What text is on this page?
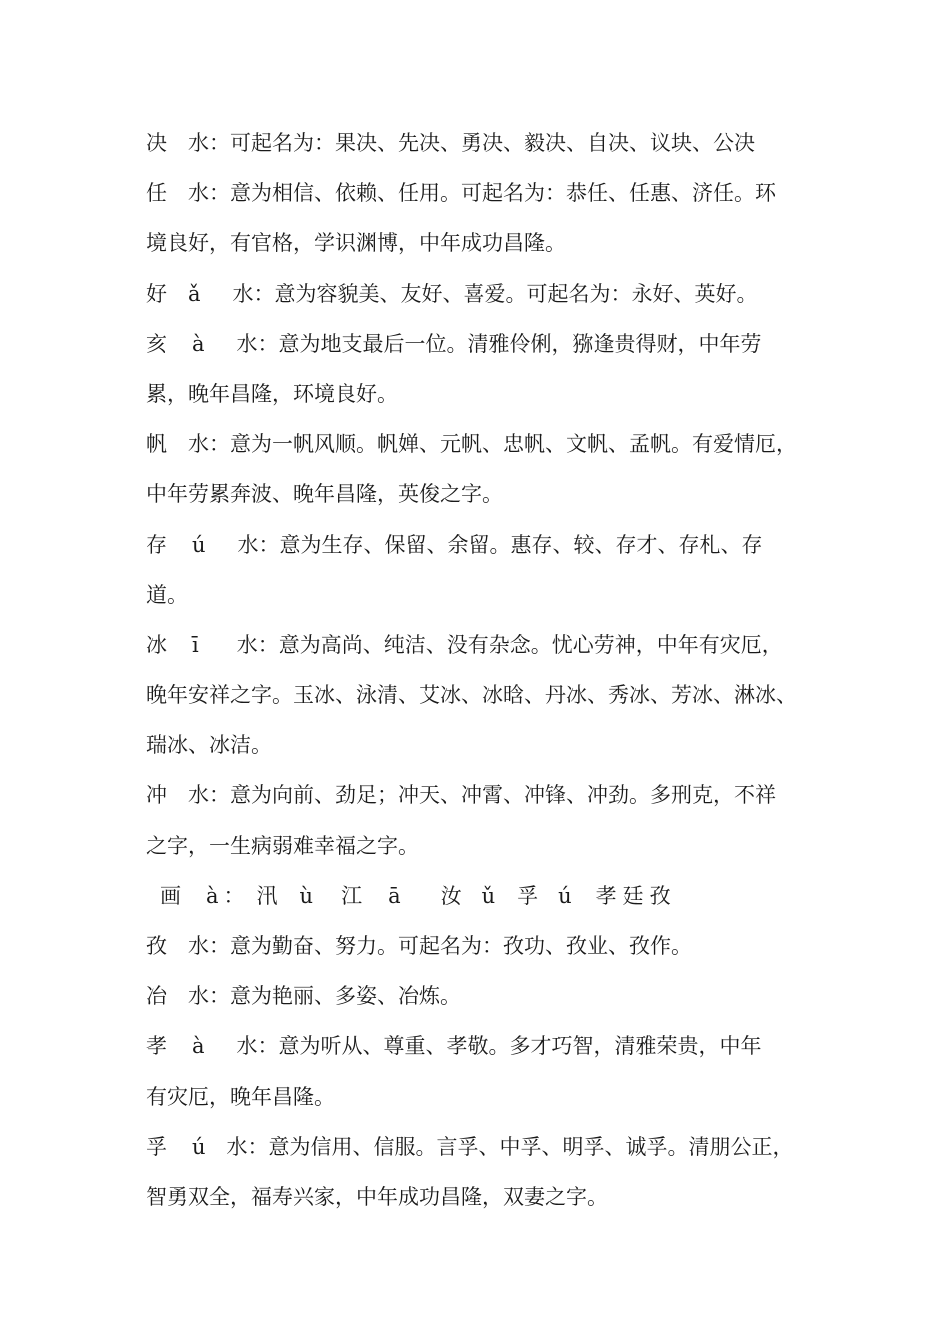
决　水：可起名为：果决、先决、勇决、毅决、自决、议块、公决
任　水：意为相信、依赖、任用。可起名为：恭任、任惠、济任。环
境良好，有官格，学识渊博，中年成功昌隆。
好 ǎ 水：意为容貌美、友好、喜爱。可起名为：永好、英好。
亥 à 水：意为地支最后一位。清雅伶俐，猕逢贵得财，中年劳
累，晚年昌隆，环境良好。
帆　水：意为一帆风顺。帆婵、元帆、忠帆、文帆、孟帆。有爱情厄，
中年劳累奔波、晚年昌隆，英俊之字。
存 ú 水：意为生存、保留、余留。惠存、较、存才、存札、存
道。
冰 ī 水：意为高尚、纯洁、没有杂念。忧心劳神，中年有灾厄，
晚年安祥之字。玉冰、泳清、艾冰、冰晗、丹冰、秀冰、芳冰、淋冰、
瑞冰、冰洁。
冲　水：意为向前、劲足；冲天、冲霄、冲锋、冲劲。多刑克，不祥
之字，一生病弱难幸福之字。
画 à ： 汛 ù 江 ā 汝 ǔ 孚 ú 孝 廷 孜
孜　水：意为勤奋、努力。可起名为：孜功、孜业、孜作。
冶　水：意为艳丽、多姿、冶炼。
孝 à 水：意为听从、尊重、孝敬。多才巧智，清雅荣贵，中年
有灾厄，晚年昌隆。
孚 ú 水：意为信用、信服。言孚、中孚、明孚、诚孚。清朋公正，
智勇双全，福寿兴家，中年成功昌隆，双妻之字。
